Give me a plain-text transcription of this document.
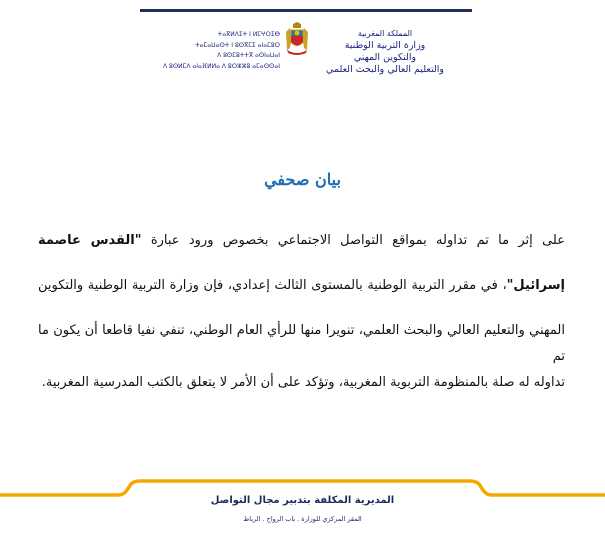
ⵜⴰⴳⵍⴷⵉⵜ ⵏ ⵍⵎⵖⵔⵉⴱ
ⵜⴰⵎⴰⵡⴰⵙⵜ ⵏ ⵓⵙⴳⵎⵉ ⴰⵏⴰⵎⵓⵔ
ⴷ ⵓⵙⵎⵓⵜⵜⴳ ⴰⵙⵏⴰⵡⴰⵏ
ⴷ ⵓⵙⵍⵎⴷ ⴰⵏⴰⴼⵍⵍⴰ ⴷ ⵓⵔⵣⵣⵓ ⴰⵎⴰⵙⵙⴰⵏ
المملكة المغربية
وزارة التربية الوطنية
والتكوين المهني
والتعليم العالي والبحث العلمي
بيان صحفي
على إثر ما تم تداوله بمواقع التواصل الاجتماعي بخصوص ورود عبارة "القدس عاصمة
إسرائيل"، في مقرر التربية الوطنية بالمستوى الثالث إعدادي، فإن وزارة التربية الوطنية والتكوين
المهني والتعليم العالي والبحث العلمي، تنويرا منها للرأي العام الوطني، تنفي نفيا قاطعا أن يكون ما تم
تداوله له صلة بالمنظومة التربوية المغربية، وتؤكد على أن الأمر لا يتعلق بالكتب المدرسية المغربية.
المديرية المكلفة بتدبير مجال التواصل
المقر المركزي للوزارة . باب الرواح . الرباط
